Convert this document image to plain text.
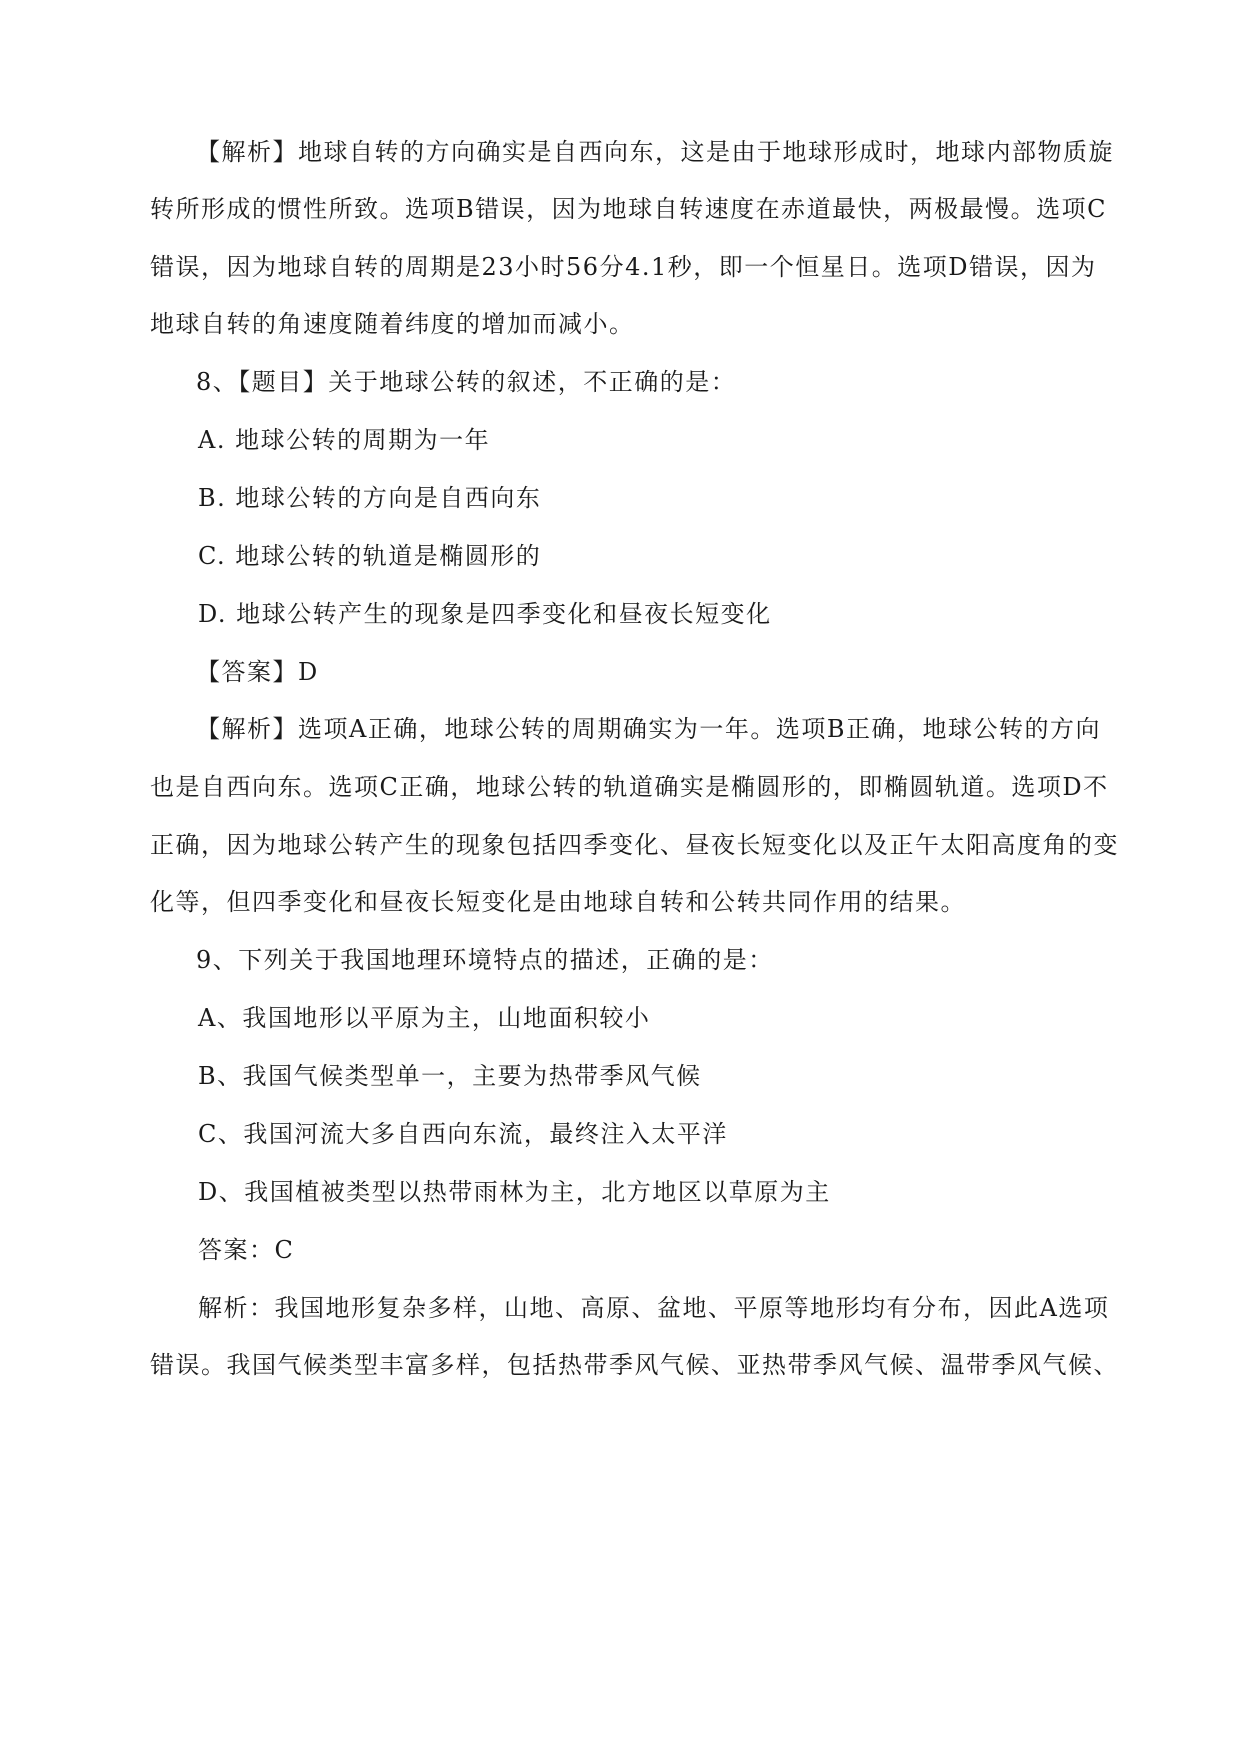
【解析】地球自转的方向确实是自西向东，这是由于地球形成时，地球内部物质旋
转所形成的惯性所致。选项B错误，因为地球自转速度在赤道最快，两极最慢。选项C
错误，因为地球自转的周期是23小时56分4.1秒，即一个恒星日。选项D错误，因为
地球自转的角速度随着纬度的增加而减小。
8、【题目】关于地球公转的叙述，不正确的是：
A. 地球公转的周期为一年
B. 地球公转的方向是自西向东
C. 地球公转的轨道是椭圆形的
D. 地球公转产生的现象是四季变化和昼夜长短变化
【答案】D
【解析】选项A正确，地球公转的周期确实为一年。选项B正确，地球公转的方向
也是自西向东。选项C正确，地球公转的轨道确实是椭圆形的，即椭圆轨道。选项D不
正确，因为地球公转产生的现象包括四季变化、昼夜长短变化以及正午太阳高度角的变
化等，但四季变化和昼夜长短变化是由地球自转和公转共同作用的结果。
9、下列关于我国地理环境特点的描述，正确的是：
A、我国地形以平原为主，山地面积较小
B、我国气候类型单一，主要为热带季风气候
C、我国河流大多自西向东流，最终注入太平洋
D、我国植被类型以热带雨林为主，北方地区以草原为主
答案：C
解析：我国地形复杂多样，山地、高原、盆地、平原等地形均有分布，因此A选项
错误。我国气候类型丰富多样，包括热带季风气候、亚热带季风气候、温带季风气候、
